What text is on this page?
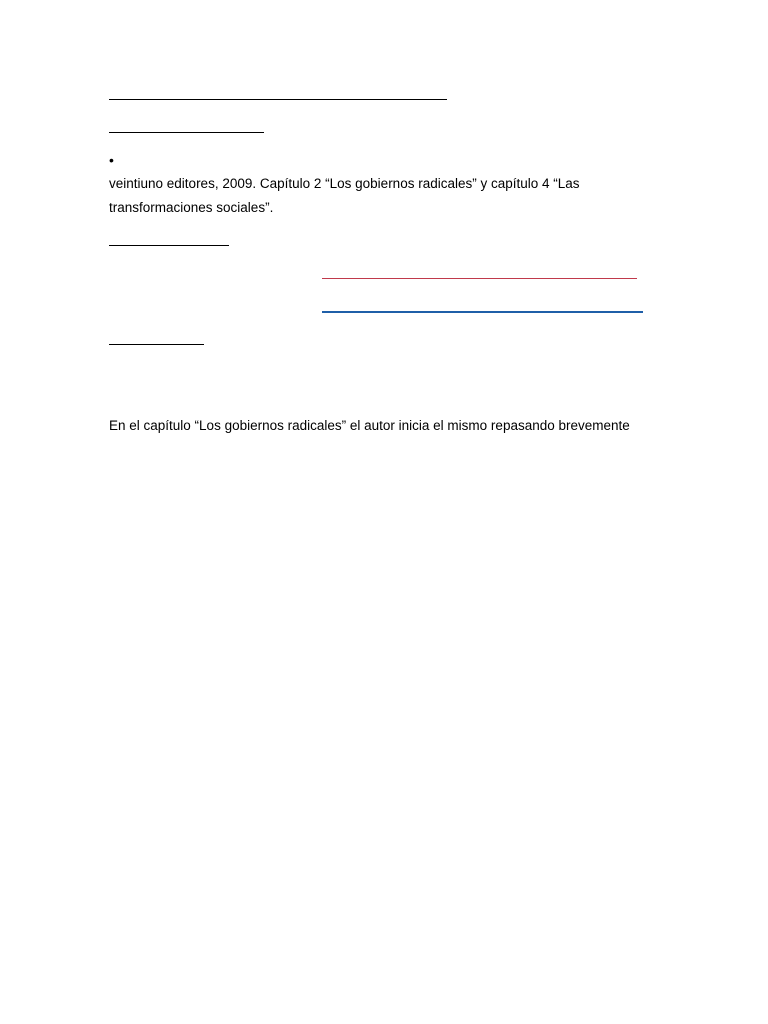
•
veintiuno editores, 2009. Capítulo 2 “Los gobiernos radicales” y capítulo 4 “Las
transformaciones sociales”.
En el capítulo “Los gobiernos radicales” el autor inicia el mismo repasando brevemente
